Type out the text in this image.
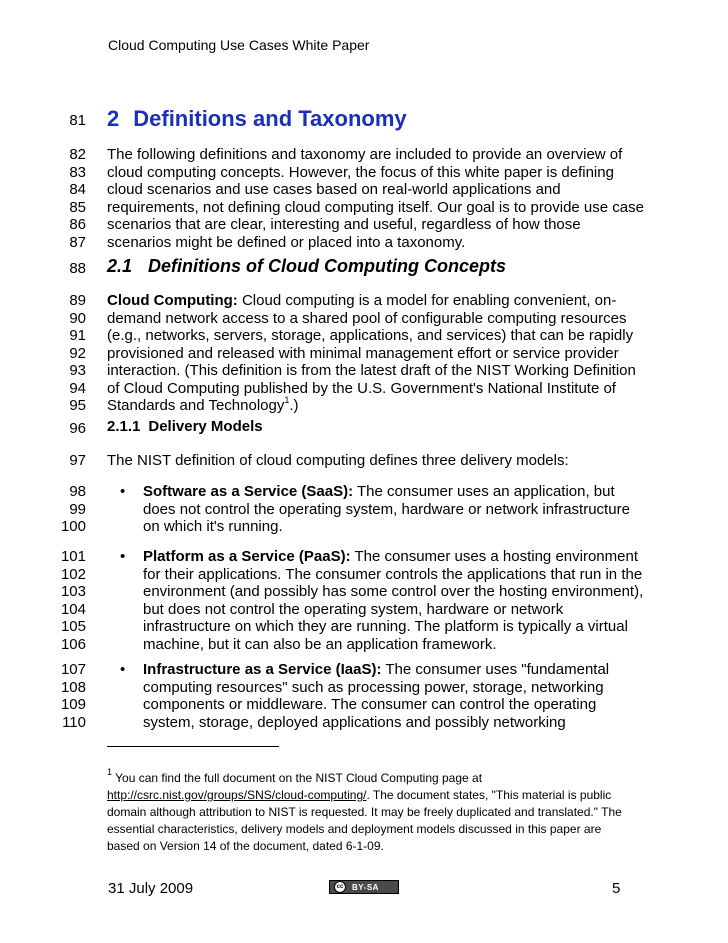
Cloud Computing Use Cases White Paper
81
82
83
84
85
86
87
88
89
90
91
92
93
94
95
96
97
98
99
100
101
102
103
104
105
106
107
108
109
110
2 Definitions and Taxonomy
The following definitions and taxonomy are included to provide an overview of
cloud computing concepts. However, the focus of this white paper is defining
cloud scenarios and use cases based on real-world applications and
requirements, not defining cloud computing itself. Our goal is to provide use case
scenarios that are clear, interesting and useful, regardless of how those
scenarios might be defined or placed into a taxonomy.
2.1 Definitions of Cloud Computing Concepts
Cloud Computing: Cloud computing is a model for enabling convenient, on-
demand network access to a shared pool of configurable computing resources
(e.g., networks, servers, storage, applications, and services) that can be rapidly
provisioned and released with minimal management effort or service provider
interaction. (This definition is from the latest draft of the NIST Working Definition
of Cloud Computing published by the U.S. Government's National Institute of
Standards and Technology$^1$.)
2.1.1 Delivery Models
The NIST definition of cloud computing defines three delivery models:
• Software as a Service (SaaS): The consumer uses an application, but
does not control the operating system, hardware or network infrastructure
on which it's running.
• Platform as a Service (PaaS): The consumer uses a hosting environment
for their applications. The consumer controls the applications that run in the
environment (and possibly has some control over the hosting environment),
but does not control the operating system, hardware or network
infrastructure on which they are running. The platform is typically a virtual
machine, but it can also be an application framework.
• Infrastructure as a Service (IaaS): The consumer uses "fundamental
computing resources" such as processing power, storage, networking
components or middleware. The consumer can control the operating
system, storage, deployed applications and possibly networking
$^1$ You can find the full document on the NIST Cloud Computing page at
http://csrc.nist.gov/groups/SNS/cloud-computing/. The document states, "This material is public
domain although attribution to NIST is requested. It may be freely duplicated and translated." The
essential characteristics, delivery models and deployment models discussed in this paper are
based on Version 14 of the document, dated 6-1-09.
31 July 2009	cc	BY-SA	5
